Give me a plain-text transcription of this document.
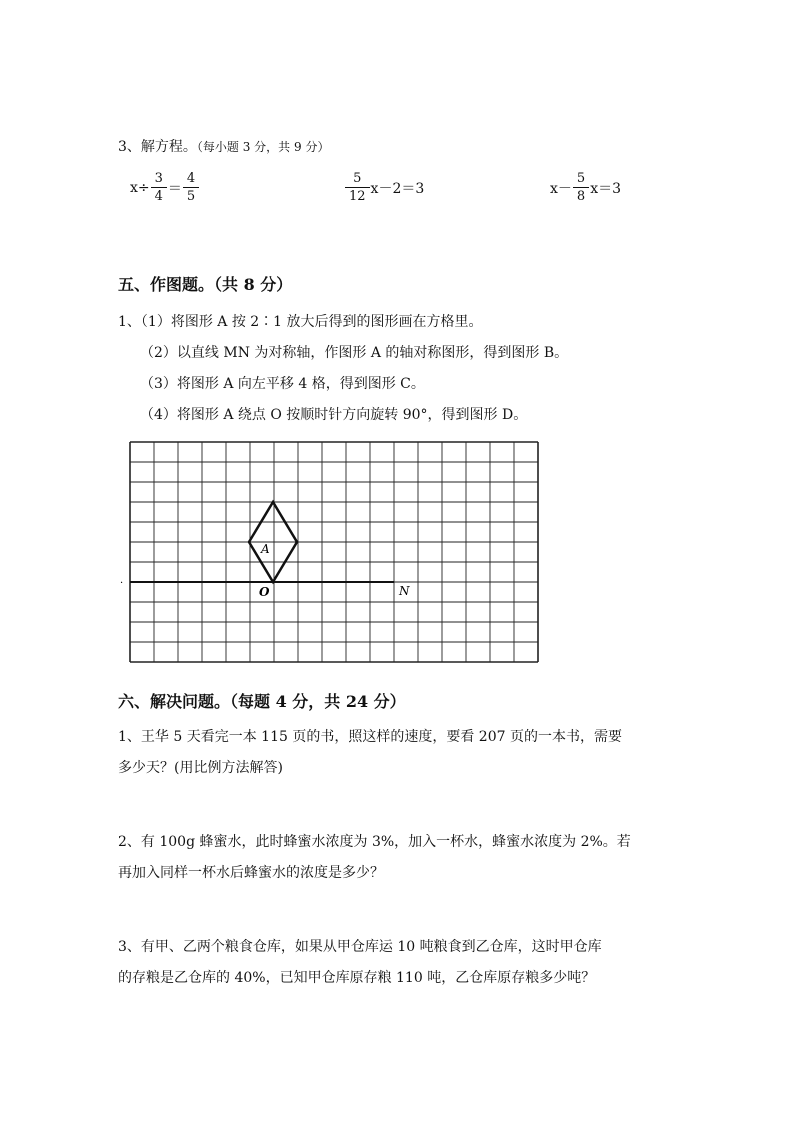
3、解方程。（每小题 3 分，共 9 分）
$x\div \frac{3}{4} = \frac{4}{5}$	$\frac{5}{12} x-2=3$	$x- \frac{5}{8} x=3$
五、作图题。（共 8 分）
1、（1）将图形 A 按 2∶1 放大后得到的图形画在方格里。
（2）以直线 MN 为对称轴，作图形 A 的轴对称图形，得到图形 B。
（3）将图形 A 向左平移 4 格，得到图形 C。
（4）将图形 A 绕点 O 按顺时针方向旋转 90°，得到图形 D。
A
O	N
·
六、解决问题。（每题 4 分，共 24 分）
1、王华 5 天看完一本 115 页的书，照这样的速度，要看 207 页的一本书，需要
多少天？(用比例方法解答)
2、有 100g 蜂蜜水，此时蜂蜜水浓度为 3%，加入一杯水，蜂蜜水浓度为 2%。若
再加入同样一杯水后蜂蜜水的浓度是多少？
3、有甲、乙两个粮食仓库，如果从甲仓库运 10 吨粮食到乙仓库，这时甲仓库
的存粮是乙仓库的 40%，已知甲仓库原存粮 110 吨，乙仓库原存粮多少吨？
